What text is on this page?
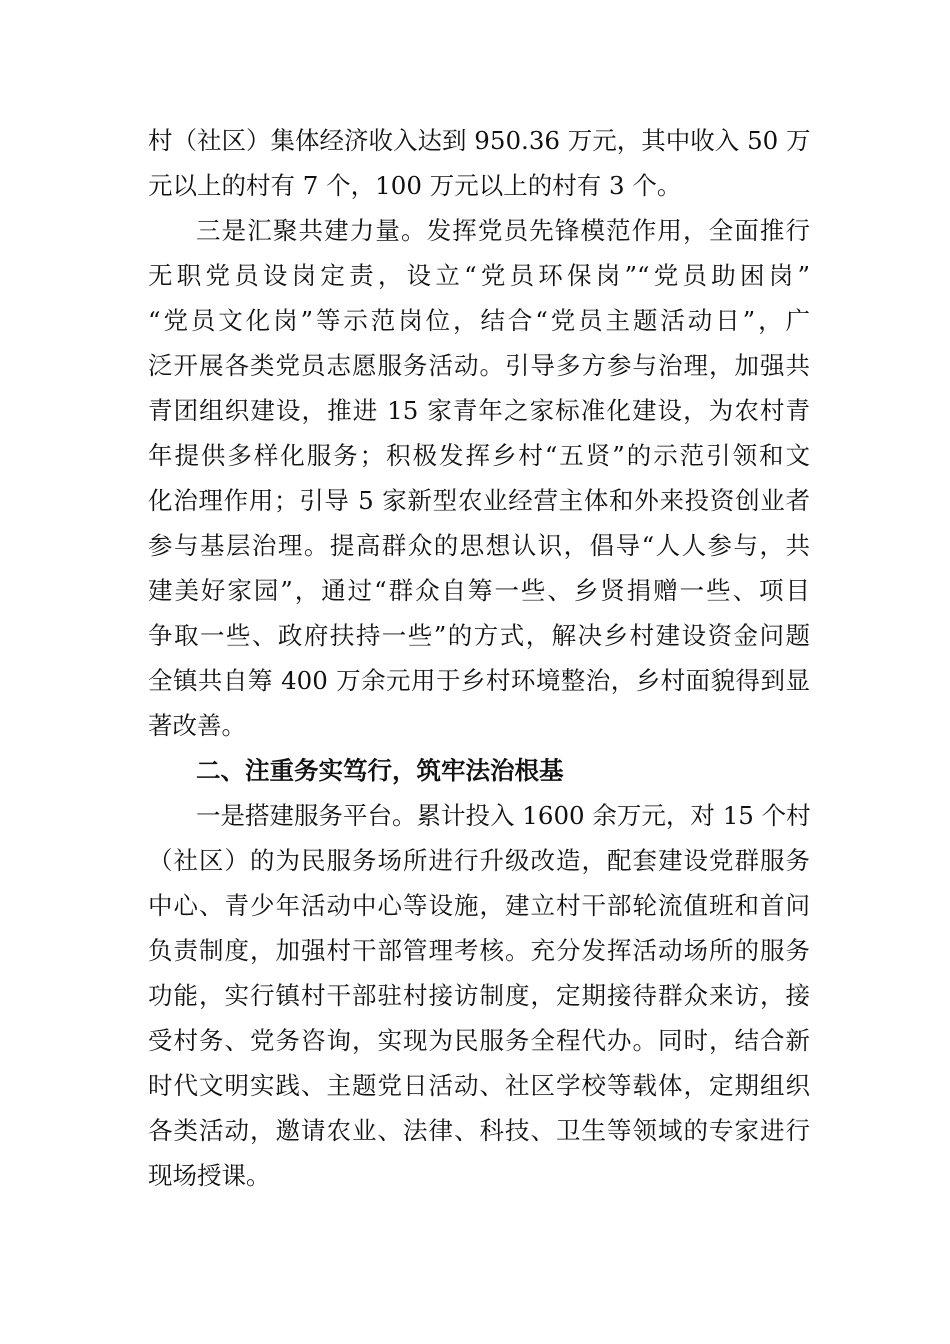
村（社区）集体经济收入达到 950.36 万元，其中收入 50 万
元以上的村有 7 个，100 万元以上的村有 3 个。
三是汇聚共建力量。发挥党员先锋模范作用，全面推行
无职党员设岗定责，设立“党员环保岗”“党员助困岗”
“党员文化岗”等示范岗位，结合“党员主题活动日”，广
泛开展各类党员志愿服务活动。引导多方参与治理，加强共
青团组织建设，推进 15 家青年之家标准化建设，为农村青
年提供多样化服务；积极发挥乡村“五贤”的示范引领和文
化治理作用；引导 5 家新型农业经营主体和外来投资创业者
参与基层治理。提高群众的思想认识，倡导“人人参与，共
建美好家园”，通过“群众自筹一些、乡贤捐赠一些、项目
争取一些、政府扶持一些”的方式，解决乡村建设资金问题
全镇共自筹 400 万余元用于乡村环境整治，乡村面貌得到显
著改善。
二、注重务实笃行，筑牢法治根基
一是搭建服务平台。累计投入 1600 余万元，对 15 个村
（社区）的为民服务场所进行升级改造，配套建设党群服务
中心、青少年活动中心等设施，建立村干部轮流值班和首问
负责制度，加强村干部管理考核。充分发挥活动场所的服务
功能，实行镇村干部驻村接访制度，定期接待群众来访，接
受村务、党务咨询，实现为民服务全程代办。同时，结合新
时代文明实践、主题党日活动、社区学校等载体，定期组织
各类活动，邀请农业、法律、科技、卫生等领域的专家进行
现场授课。
